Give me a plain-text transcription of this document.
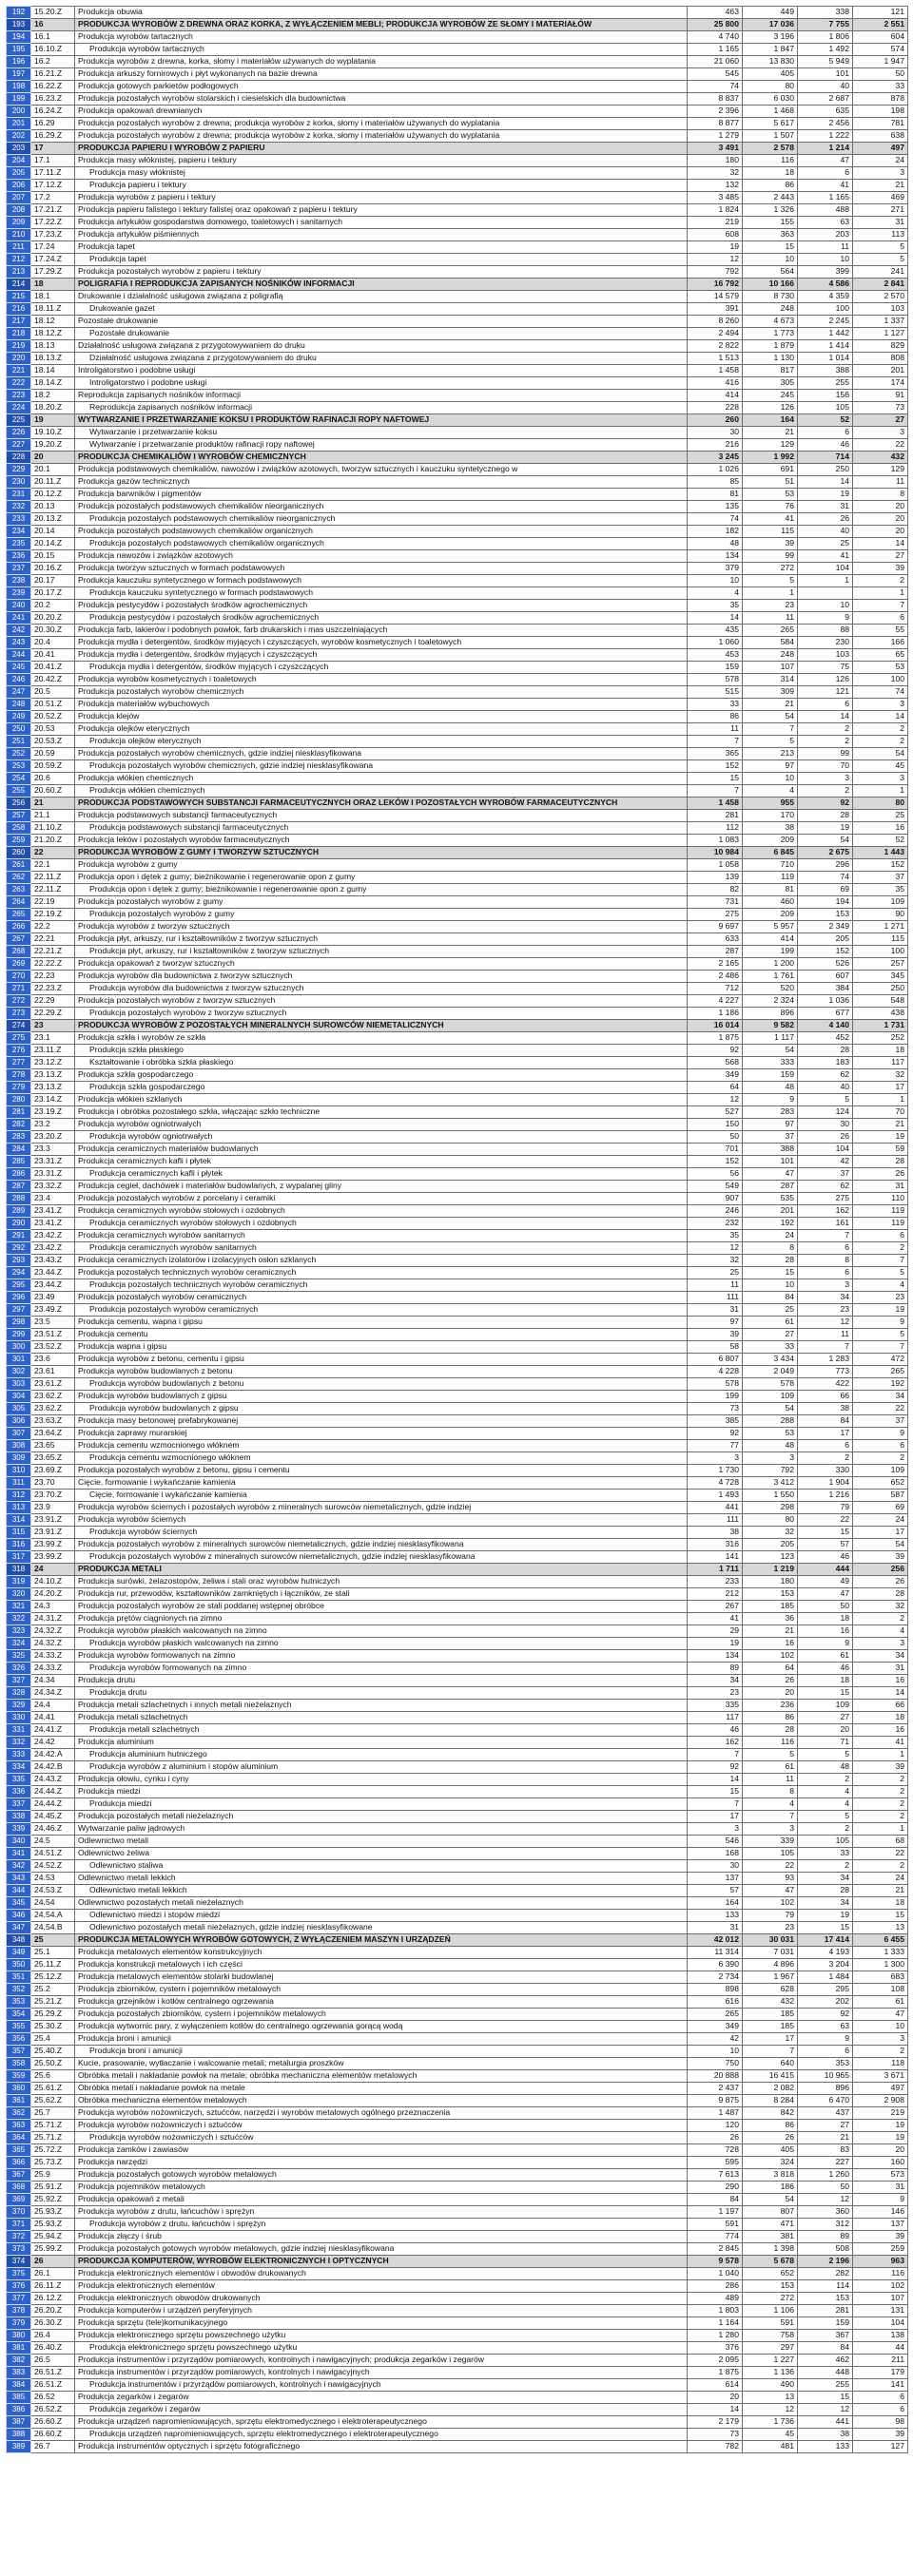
192	15.20.Z	Produkcja obuwia	463	449	338	121
193	16	PRODUKCJA WYROBÓW Z DREWNA ORAZ KORKA, Z WYŁĄCZENIEM MEBLI; PRODUKCJA WYROBÓW ZE SŁOMY I MATERIAŁÓW	25 800	17 036	7 755	2 551
194	16.1	Produkcja wyrobów tartacznych	4 740	3 196	1 806	604
195	16.10.Z	Produkcja wyrobów tartacznych	1 165	1 847	1 492	574
196	16.2	Produkcja wyrobów z drewna, korka, słomy i materiałów używanych do wyplatania	21 060	13 830	5 949	1 947
197	16.21.Z	Produkcja arkuszy fornirowych i płyt wykonanych na bazie drewna	545	405	101	50
198	16.22.Z	Produkcja gotowych parkietów podłogowych	74	80	40	33
199	16.23.Z	Produkcja pozostałych wyrobów stolarskich i ciesielskich dla budownictwa	8 837	6 030	2 687	878
200	16.24.Z	Produkcja opakowań drewnianych	2 396	1 468	635	198
201	16.29	Produkcja pozostałych wyrobów z drewna; produkcja wyrobów z korka, słomy i materiałów używanych do wyplatania	8 877	5 617	2 456	781
202	16.29.Z	Produkcja pozostałych wyrobów z drewna; produkcja wyrobów z korka, słomy i materiałów używanych do wyplatania	1 279	1 507	1 222	638
203	17	PRODUKCJA PAPIERU I WYROBÓW Z PAPIERU	3 491	2 578	1 214	497
204	17.1	Produkcja masy włóknistej, papieru i tektury	180	116	47	24
205	17.11.Z	Produkcja masy włóknistej	32	18	6	3
206	17.12.Z	Produkcja papieru i tektury	132	86	41	21
207	17.2	Produkcja wyrobów z papieru i tektury	3 485	2 443	1 165	469
208	17.21.Z	Produkcja papieru falistego i tektury falistej oraz opakowań z papieru i tektury	1 824	1 326	488	271
209	17.22.Z	Produkcja artykułów gospodarstwa domowego, toaletowych i sanitarnych	219	155	63	31
210	17.23.Z	Produkcja artykułów piśmiennych	608	363	203	113
211	17.24	Produkcja tapet	19	15	11	5
212	17.24.Z	Produkcja tapet	12	10	10	5
213	17.29.Z	Produkcja pozostałych wyrobów z papieru i tektury	792	564	399	241
214	18	POLIGRAFIA I REPRODUKCJA ZAPISANYCH NOŚNIKÓW INFORMACJI	16 792	10 166	4 586	2 841
215	18.1	Drukowanie i działalność usługowa związana z poligrafią	14 579	8 730	4 359	2 570
216	18.11.Z	Drukowanie gazet	391	248	100	103
217	18.12	Pozostałe drukowanie	8 260	4 673	2 245	1 337
218	18.12.Z	Pozostałe drukowanie	2 494	1 773	1 442	1 127
219	18.13	Działalność usługowa związana z przygotowywaniem do druku	2 822	1 879	1 414	829
220	18.13.Z	Działalność usługowa związana z przygotowywaniem do druku	1 513	1 130	1 014	808
221	18.14	Introligatorstwo i podobne usługi	1 458	817	388	201
222	18.14.Z	Introligatorstwo i podobne usługi	416	305	255	174
223	18.2	Reprodukcja zapisanych nośników informacji	414	245	156	91
224	18.20.Z	Reprodukcja zapisanych nośników informacji	228	126	105	73
225	19	WYTWARZANIE I PRZETWARZANIE KOKSU I PRODUKTÓW RAFINACJI ROPY NAFTOWEJ	260	164	52	27
226	19.10.Z	Wytwarzanie i przetwarzanie koksu	30	21	6	3
227	19.20.Z	Wytwarzanie i przetwarzanie produktów rafinacji ropy naftowej	216	129	46	22
228	20	PRODUKCJA CHEMIKALIÓW I WYROBÓW CHEMICZNYCH	3 245	1 992	714	432
229	20.1	Produkcja podstawowych chemikaliów, nawozów i związków azotowych, tworzyw sztucznych i kauczuku syntetycznego w	1 026	691	250	129
230	20.11.Z	Produkcja gazów technicznych	85	51	14	11
231	20.12.Z	Produkcja barwników i pigmentów	81	53	19	8
232	20.13	Produkcja pozostałych podstawowych chemikaliów nieorganicznych	135	76	31	20
233	20.13.Z	Produkcja pozostałych podstawowych chemikaliów nieorganicznych	74	41	26	20
234	20.14	Produkcja pozostałych podstawowych chemikaliów organicznych	182	115	40	20
235	20.14.Z	Produkcja pozostałych podstawowych chemikaliów organicznych	48	39	25	14
236	20.15	Produkcja nawozów i związków azotowych	134	99	41	27
237	20.16.Z	Produkcja tworzyw sztucznych w formach podstawowych	379	272	104	39
238	20.17	Produkcja kauczuku syntetycznego w formach podstawowych	10	5	1	2
239	20.17.Z	Produkcja kauczuku syntetycznego w formach podstawowych	4	1		1
240	20.2	Produkcja pestycydów i pozostałych środków agrochemicznych	35	23	10	7
241	20.20.Z	Produkcja pestycydów i pozostałych środków agrochemicznych	14	11	9	6
242	20.30.Z	Produkcja farb, lakierów i podobnych powłok, farb drukarskich i mas uszczelniających	435	265	88	55
243	20.4	Produkcja mydła i detergentów, środków myjących i czyszczących, wyrobów kosmetycznych i toaletowych	1 060	584	230	166
244	20.41	Produkcja mydła i detergentów, środków myjących i czyszczących	453	248	103	65
245	20.41.Z	Produkcja mydła i detergentów, środków myjących i czyszczących	159	107	75	53
246	20.42.Z	Produkcja wyrobów kosmetycznych i toaletowych	578	314	126	100
247	20.5	Produkcja pozostałych wyrobów chemicznych	515	309	121	74
248	20.51.Z	Produkcja materiałów wybuchowych	33	21	6	3
249	20.52.Z	Produkcja klejów	86	54	14	14
250	20.53	Produkcja olejków eterycznych	11	7	2	2
251	20.53.Z	Produkcja olejków eterycznych	7	5	2	2
252	20.59	Produkcja pozostałych wyrobów chemicznych, gdzie indziej niesklasyfikowana	365	213	99	54
253	20.59.Z	Produkcja pozostałych wyrobów chemicznych, gdzie indziej niesklasyfikowana	152	97	70	45
254	20.6	Produkcja włókien chemicznych	15	10	3	3
255	20.60.Z	Produkcja włókien chemicznych	7	4	2	1
256	21	PRODUKCJA PODSTAWOWYCH SUBSTANCJI FARMACEUTYCZNYCH ORAZ LEKÓW I POZOSTAŁYCH WYROBÓW FARMACEUTYCZNYCH	1 458	955	92	80
257	21.1	Produkcja podstawowych substancji farmaceutycznych	281	170	28	25
258	21.10.Z	Produkcja podstawowych substancji farmaceutycznych	112	38	19	16
259	21.20.Z	Produkcja leków i pozostałych wyrobów farmaceutycznych	1 083	209	54	52
260	22	PRODUKCJA WYROBÓW Z GUMY I TWORZYW SZTUCZNYCH	10 984	6 845	2 675	1 443
261	22.1	Produkcja wyrobów z gumy	1 058	710	296	152
262	22.11.Z	Produkcja opon i dętek z gumy; bieżnikowanie i regenerowanie opon z gumy	139	119	74	37
263	22.11.Z	Produkcja opon i dętek z gumy; bieżnikowanie i regenerowanie opon z gumy	82	81	69	35
264	22.19	Produkcja pozostałych wyrobów z gumy	731	460	194	109
265	22.19.Z	Produkcja pozostałych wyrobów z gumy	275	209	153	90
266	22.2	Produkcja wyrobów z tworzyw sztucznych	9 697	5 957	2 349	1 271
267	22.21	Produkcja płyt, arkuszy, rur i kształtowników z tworzyw sztucznych	633	414	205	115
268	22.21.Z	Produkcja płyt, arkuszy, rur i kształtowników z tworzyw sztucznych	287	199	152	100
269	22.22.Z	Produkcja opakowań z tworzyw sztucznych	2 165	1 200	526	257
270	22.23	Produkcja wyrobów dla budownictwa z tworzyw sztucznych	2 486	1 761	607	345
271	22.23.Z	Produkcja wyrobów dla budownictwa z tworzyw sztucznych	712	520	384	250
272	22.29	Produkcja pozostałych wyrobów z tworzyw sztucznych	4 227	2 324	1 036	548
273	22.29.Z	Produkcja pozostałych wyrobów z tworzyw sztucznych	1 186	896	677	438
274	23	PRODUKCJA WYROBÓW Z POZOSTAŁYCH MINERALNYCH SUROWCÓW NIEMETALICZNYCH	16 014	9 582	4 140	1 731
275	23.1	Produkcja szkła i wyrobów ze szkła	1 875	1 117	452	252
276	23.11.Z	Produkcja szkła płaskiego	92	54	28	18
277	23.12.Z	Kształtowanie i obróbka szkła płaskiego	568	333	183	117
278	23.13.Z	Produkcja szkła gospodarczego	349	159	62	32
279	23.13.Z	Produkcja szkła gospodarczego	64	48	40	17
280	23.14.Z	Produkcja włókien szklanych	12	9	5	1
281	23.19.Z	Produkcja i obróbka pozostałego szkła, włączając szkło techniczne	527	283	124	70
282	23.2	Produkcja wyrobów ogniotrwałych	150	97	30	21
283	23.20.Z	Produkcja wyrobów ogniotrwałych	50	37	26	19
284	23.3	Produkcja ceramicznych materiałów budowlanych	701	388	104	59
285	23.31.Z	Produkcja ceramicznych kafli i płytek	152	101	42	28
286	23.31.Z	Produkcja ceramicznych kafli i płytek	56	47	37	26
287	23.32.Z	Produkcja cegieł, dachówek i materiałów budowlanych, z wypalanej gliny	549	287	62	31
288	23.4	Produkcja pozostałych wyrobów z porcelany i ceramiki	907	535	275	110
289	23.41.Z	Produkcja ceramicznych wyrobów stołowych i ozdobnych	246	201	162	119
290	23.41.Z	Produkcja ceramicznych wyrobów stołowych i ozdobnych	232	192	161	119
291	23.42.Z	Produkcja ceramicznych wyrobów sanitarnych	35	24	7	6
292	23.42.Z	Produkcja ceramicznych wyrobów sanitarnych	12	8	6	2
293	23.43.Z	Produkcja ceramicznych izolatorów i izolacyjnych osłon szklanych	32	28	8	7
294	23.44.Z	Produkcja pozostałych technicznych wyrobów ceramicznych	25	15	6	5
295	23.44.Z	Produkcja pozostałych technicznych wyrobów ceramicznych	11	10	3	4
296	23.49	Produkcja pozostałych wyrobów ceramicznych	111	84	34	23
297	23.49.Z	Produkcja pozostałych wyrobów ceramicznych	31	25	23	19
298	23.5	Produkcja cementu, wapna i gipsu	97	61	12	9
299	23.51.Z	Produkcja cementu	39	27	11	5
300	23.52.Z	Produkcja wapna i gipsu	58	33	7	7
301	23.6	Produkcja wyrobów z betonu, cementu i gipsu	6 807	3 434	1 283	472
302	23.61	Produkcja wyrobów budowlanych z betonu	4 228	2 049	773	265
303	23.61.Z	Produkcja wyrobów budowlanych z betonu	578	578	422	192
304	23.62.Z	Produkcja wyrobów budowlanych z gipsu	199	109	66	34
305	23.62.Z	Produkcja wyrobów budowlanych z gipsu	73	54	38	22
306	23.63.Z	Produkcja masy betonowej prefabrykowanej	385	288	84	37
307	23.64.Z	Produkcja zaprawy murarskiej	92	53	17	9
308	23.65	Produkcja cementu wzmocnionego włóknem	77	48	6	6
309	23.65.Z	Produkcja cementu wzmocnionego włóknem	3	3	2	2
310	23.69.Z	Produkcja pozostałych wyrobów z betonu, gipsu i cementu	1 730	792	330	109
311	23.70	Cięcie, formowanie i wykańczanie kamienia	4 728	3 412	1 904	652
312	23.70.Z	Cięcie, formowanie i wykańczanie kamienia	1 493	1 550	1 216	587
313	23.9	Produkcja wyrobów ściernych i pozostałych wyrobów z mineralnych surowców niemetalicznych, gdzie indziej	441	298	79	69
314	23.91.Z	Produkcja wyrobów ściernych	111	80	22	24
315	23.91.Z	Produkcja wyrobów ściernych	38	32	15	17
316	23.99.Z	Produkcja pozostałych wyrobów z mineralnych surowców niemetalicznych, gdzie indziej niesklasyfikowana	316	205	57	54
317	23.99.Z	Produkcja pozostałych wyrobów z mineralnych surowców niemetalicznych, gdzie indziej niesklasyfikowana	141	123	46	39
318	24	PRODUKCJA METALI	1 711	1 219	444	256
319	24.10.Z	Produkcja surówki, żelazostopów, żeliwa i stali oraz wyrobów hutniczych	233	180	49	26
320	24.20.Z	Produkcja rur, przewodów, kształtowników zamkniętych i łączników, ze stali	212	153	47	28
321	24.3	Produkcja pozostałych wyrobów ze stali poddanej wstępnej obróbce	267	185	50	32
322	24.31.Z	Produkcja prętów ciągnionych na zimno	41	36	18	2
323	24.32.Z	Produkcja wyrobów płaskich walcowanych na zimno	29	21	16	4
324	24.32.Z	Produkcja wyrobów płaskich walcowanych na zimno	19	16	9	3
325	24.33.Z	Produkcja wyrobów formowanych na zimno	134	102	61	34
326	24.33.Z	Produkcja wyrobów formowanych na zimno	89	64	46	31
327	24.34	Produkcja drutu	34	26	18	16
328	24.34.Z	Produkcja drutu	23	20	15	14
329	24.4	Produkcja metali szlachetnych i innych metali nieżelaznych	335	236	109	66
330	24.41	Produkcja metali szlachetnych	117	86	27	18
331	24.41.Z	Produkcja metali szlachetnych	46	28	20	16
332	24.42	Produkcja aluminium	162	116	71	41
333	24.42.A	Produkcja aluminium hutniczego	7	5	5	1
334	24.42.B	Produkcja wyrobów z aluminium i stopów aluminium	92	61	48	39
335	24.43.Z	Produkcja ołowiu, cynku i cyny	14	11	2	2
336	24.44.Z	Produkcja miedzi	15	8	4	2
337	24.44.Z	Produkcja miedzi	7	4	4	2
338	24.45.Z	Produkcja pozostałych metali nieżelaznych	17	7	5	2
339	24.46.Z	Wytwarzanie paliw jądrowych	3	3	2	1
340	24.5	Odlewnictwo metali	546	339	105	68
341	24.51.Z	Odlewnictwo żeliwa	168	105	33	22
342	24.52.Z	Odlewnictwo staliwa	30	22	2	2
343	24.53	Odlewnictwo metali lekkich	137	93	34	24
344	24.53.Z	Odlewnictwo metali lekkich	57	47	28	21
345	24.54	Odlewnictwo pozostałych metali nieżelaznych	164	102	34	18
346	24.54.A	Odlewnictwo miedzi i stopów miedzi	133	79	19	15
347	24.54.B	Odlewnictwo pozostałych metali nieżelaznych, gdzie indziej niesklasyfikowane	31	23	15	13
348	25	PRODUKCJA METALOWYCH WYROBÓW GOTOWYCH, Z WYŁĄCZENIEM MASZYN I URZĄDZEŃ	42 012	30 031	17 414	6 455
349	25.1	Produkcja metalowych elementów konstrukcyjnych	11 314	7 031	4 193	1 333
350	25.11.Z	Produkcja konstrukcji metalowych i ich części	6 390	4 896	3 204	1 300
351	25.12.Z	Produkcja metalowych elementów stolarki budowlanej	2 734	1 967	1 484	683
352	25.2	Produkcja zbiorników, cystern i pojemników metalowych	898	628	295	108
353	25.21.Z	Produkcja grzejników i kotłów centralnego ogrzewania	616	432	202	61
354	25.29.Z	Produkcja pozostałych zbiorników, cystern i pojemników metalowych	265	185	92	47
355	25.30.Z	Produkcja wytwornic pary, z wyłączeniem kotłów do centralnego ogrzewania gorącą wodą	349	185	63	10
356	25.4	Produkcja broni i amunicji	42	17	9	3
357	25.40.Z	Produkcja broni i amunicji	10	7	6	2
358	25.50.Z	Kucie, prasowanie, wytłaczanie i walcowanie metali; metalurgia proszków	750	640	353	118
359	25.6	Obróbka metali i nakładanie powłok na metale; obróbka mechaniczna elementów metalowych	20 888	16 415	10 965	3 671
360	25.61.Z	Obróbka metali i nakładanie powłok na metale	2 437	2 082	896	497
361	25.62.Z	Obróbka mechaniczna elementów metalowych	9 875	8 284	6 470	2 908
362	25.7	Produkcja wyrobów nożowniczych, sztućców, narzędzi i wyrobów metalowych ogólnego przeznaczenia	1 487	842	437	219
363	25.71.Z	Produkcja wyrobów nożowniczych i sztućców	120	86	27	19
364	25.71.Z	Produkcja wyrobów nożowniczych i sztućców	26	26	21	19
365	25.72.Z	Produkcja zamków i zawiasów	728	405	83	20
366	25.73.Z	Produkcja narzędzi	595	324	227	160
367	25.9	Produkcja pozostałych gotowych wyrobów metalowych	7 613	3 818	1 260	573
368	25.91.Z	Produkcja pojemników metalowych	290	186	50	31
369	25.92.Z	Produkcja opakowań z metali	84	54	12	9
370	25.93.Z	Produkcja wyrobów z drutu, łańcuchów i sprężyn	1 197	807	360	146
371	25.93.Z	Produkcja wyrobów z drutu, łańcuchów i sprężyn	591	471	312	137
372	25.94.Z	Produkcja złączy i śrub	774	381	89	39
373	25.99.Z	Produkcja pozostałych gotowych wyrobów metalowych, gdzie indziej niesklasyfikowana	2 845	1 398	508	259
374	26	PRODUKCJA KOMPUTERÓW, WYROBÓW ELEKTRONICZNYCH I OPTYCZNYCH	9 578	5 678	2 196	963
375	26.1	Produkcja elektronicznych elementów i obwodów drukowanych	1 040	652	282	116
376	26.11.Z	Produkcja elektronicznych elementów	286	153	114	102
377	26.12.Z	Produkcja elektronicznych obwodów drukowanych	489	272	153	107
378	26.20.Z	Produkcja komputerów i urządzeń peryferyjnych	1 803	1 106	281	131
379	26.30.Z	Produkcja sprzętu (tele)komunikacyjnego	1 164	591	159	104
380	26.4	Produkcja elektronicznego sprzętu powszechnego użytku	1 280	758	367	138
381	26.40.Z	Produkcja elektronicznego sprzętu powszechnego użytku	376	297	84	44
382	26.5	Produkcja instrumentów i przyrządów pomiarowych, kontrolnych i nawigacyjnych; produkcja zegarków i zegarów	2 095	1 227	462	211
383	26.51.Z	Produkcja instrumentów i przyrządów pomiarowych, kontrolnych i nawigacyjnych	1 875	1 136	448	179
384	26.51.Z	Produkcja instrumentów i przyrządów pomiarowych, kontrolnych i nawigacyjnych	614	490	255	141
385	26.52	Produkcja zegarków i zegarów	20	13	15	6
386	26.52.Z	Produkcja zegarków i zegarów	14	12	12	6
387	26.60.Z	Produkcja urządzeń napromieniowujących, sprzętu elektromedycznego i elektroterapeutycznego	2 179	1 736	441	98
388	26.60.Z	Produkcja urządzeń napromieniowujących, sprzętu elektromedycznego i elektroterapeutycznego	73	45	38	39
389	26.7	Produkcja instrumentów optycznych i sprzętu fotograficznego	782	481	133	127
